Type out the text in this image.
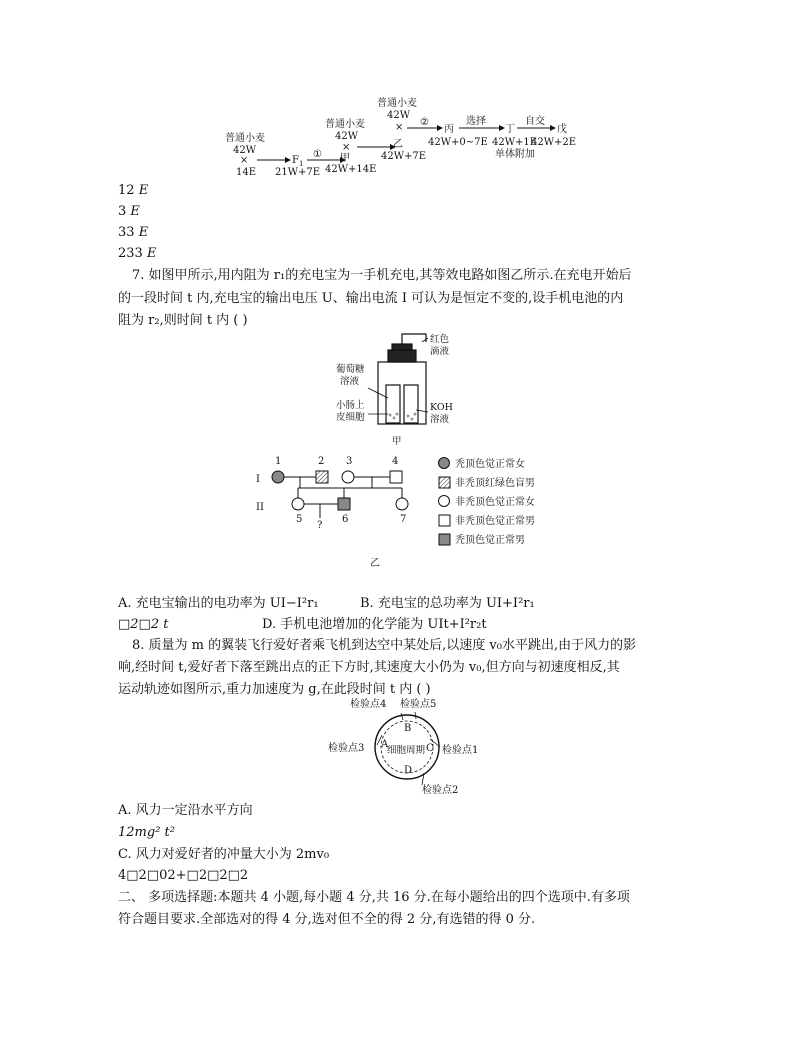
普通小麦
42W
×
14E
F 1
21W+7E
①
普通小麦
42W
×
甲
42W+14E
普通小麦
42W
×
乙
42W+7E
②
丙
42W+0~7E
选择
丁
42W+1E
单体附加
自交
戊
42W+2E
12 E
3 E
33 E
233 E
7. 如图甲所示,用内阻为 r₁的充电宝为一手机充电,其等效电路如图乙所示.在充电开始后
的一段时间 t 内,充电宝的输出电压 U、输出电流 I 可认为是恒定不变的,设手机电池的内
阻为 r₂,则时间 t 内 ( )
红色
滴液
葡萄糖
溶液
小肠上
皮细胞
KOH
溶液
甲
I
II
1	2 3	4
5	6	7
?
秃顶色觉正常女
非秃顶红绿色盲男
非秃顶色觉正常女
非秃顶色觉正常男
秃顶色觉正常男
乙
A. 充电宝输出的电功率为 UI−I²r₁	B. 充电宝的总功率为 UI+I²r₁
□2□2 t	D. 手机电池增加的化学能为 UIt+I²r₂t
8. 质量为 m 的翼装飞行爱好者乘飞机到达空中某处后,以速度 v₀水平跳出,由于风力的影
响,经时间 t,爱好者下落至跳出点的正下方时,其速度大小仍为 v₀,但方向与初速度相反,其
运动轨迹如图所示,重力加速度为 g,在此段时间 t 内 ( )
检验点4 检验点5
检验点3	检验点1
检验点2
A
B
C
D
细胞周期
A. 风力一定沿水平方向
12mg² t²
C. 风力对爱好者的冲量大小为 2mv₀
4□2□02+□2□2□2
二、 多项选择题:本题共 4 小题,每小题 4 分,共 16 分.在每小题给出的四个选项中.有多项
符合题目要求.全部选对的得 4 分,选对但不全的得 2 分,有选错的得 0 分.
